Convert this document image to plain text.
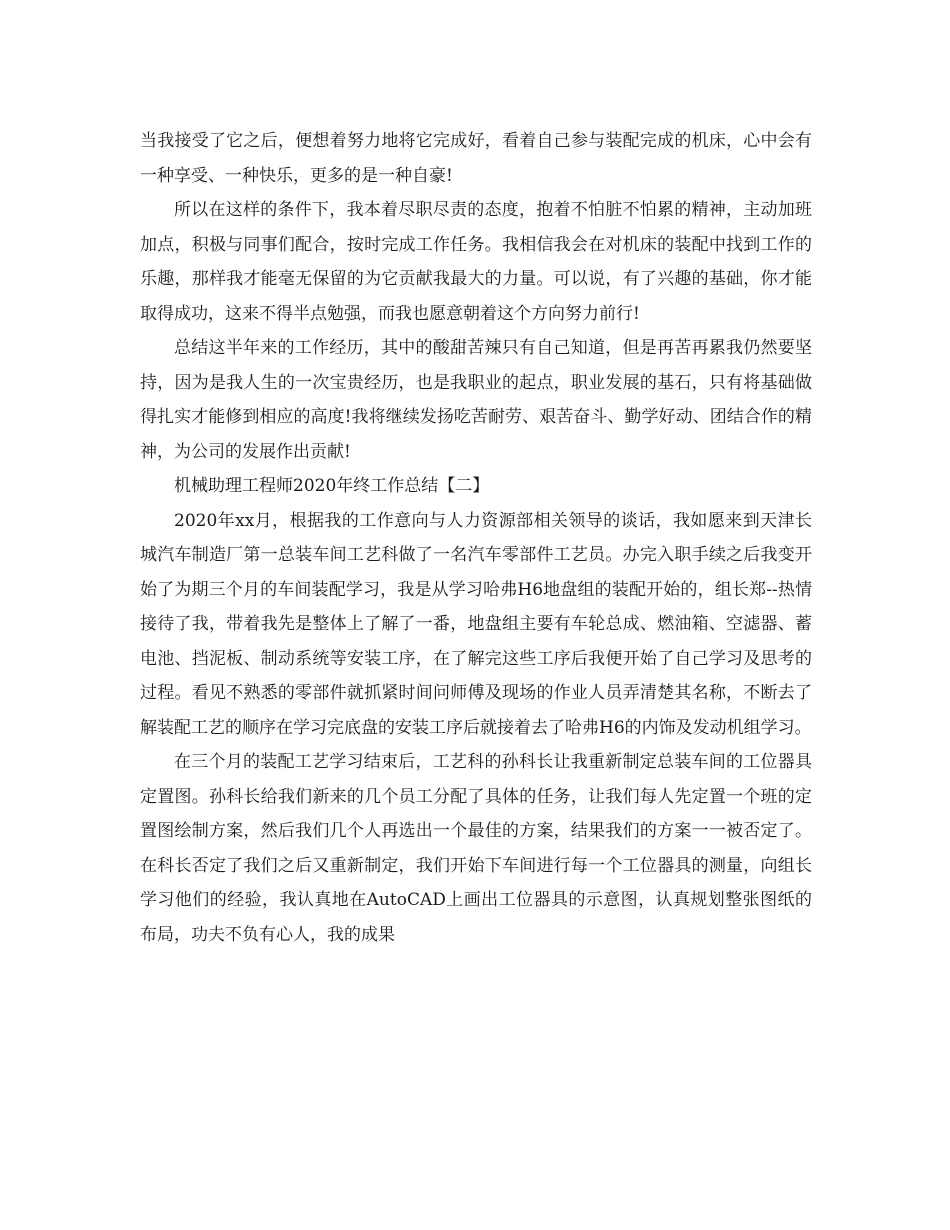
当我接受了它之后，便想着努力地将它完成好，看着自己参与装配完成的机床，心中会有一种享受、一种快乐，更多的是一种自豪!

所以在这样的条件下，我本着尽职尽责的态度，抱着不怕脏不怕累的精神，主动加班加点，积极与同事们配合，按时完成工作任务。我相信我会在对机床的装配中找到工作的乐趣，那样我才能毫无保留的为它贡献我最大的力量。可以说，有了兴趣的基础，你才能取得成功，这来不得半点勉强，而我也愿意朝着这个方向努力前行!

总结这半年来的工作经历，其中的酸甜苦辣只有自己知道，但是再苦再累我仍然要坚持，因为是我人生的一次宝贵经历，也是我职业的起点，职业发展的基石，只有将基础做得扎实才能修到相应的高度!我将继续发扬吃苦耐劳、艰苦奋斗、勤学好动、团结合作的精神，为公司的发展作出贡献!

机械助理工程师2020年终工作总结【二】

2020年xx月，根据我的工作意向与人力资源部相关领导的谈话，我如愿来到天津长城汽车制造厂第一总装车间工艺科做了一名汽车零部件工艺员。办完入职手续之后我变开始了为期三个月的车间装配学习，我是从学习哈弗H6地盘组的装配开始的，组长郑--热情接待了我，带着我先是整体上了解了一番，地盘组主要有车轮总成、燃油箱、空滤器、蓄电池、挡泥板、制动系统等安装工序，在了解完这些工序后我便开始了自己学习及思考的过程。看见不熟悉的零部件就抓紧时间问师傅及现场的作业人员弄清楚其名称，不断去了解装配工艺的顺序在学习完底盘的安装工序后就接着去了哈弗H6的内饰及发动机组学习。

在三个月的装配工艺学习结束后，工艺科的孙科长让我重新制定总装车间的工位器具定置图。孙科长给我们新来的几个员工分配了具体的任务，让我们每人先定置一个班的定置图绘制方案，然后我们几个人再选出一个最佳的方案，结果我们的方案一一被否定了。在科长否定了我们之后又重新制定，我们开始下车间进行每一个工位器具的测量，向组长学习他们的经验，我认真地在AutoCAD上画出工位器具的示意图，认真规划整张图纸的布局，功夫不负有心人，我的成果
